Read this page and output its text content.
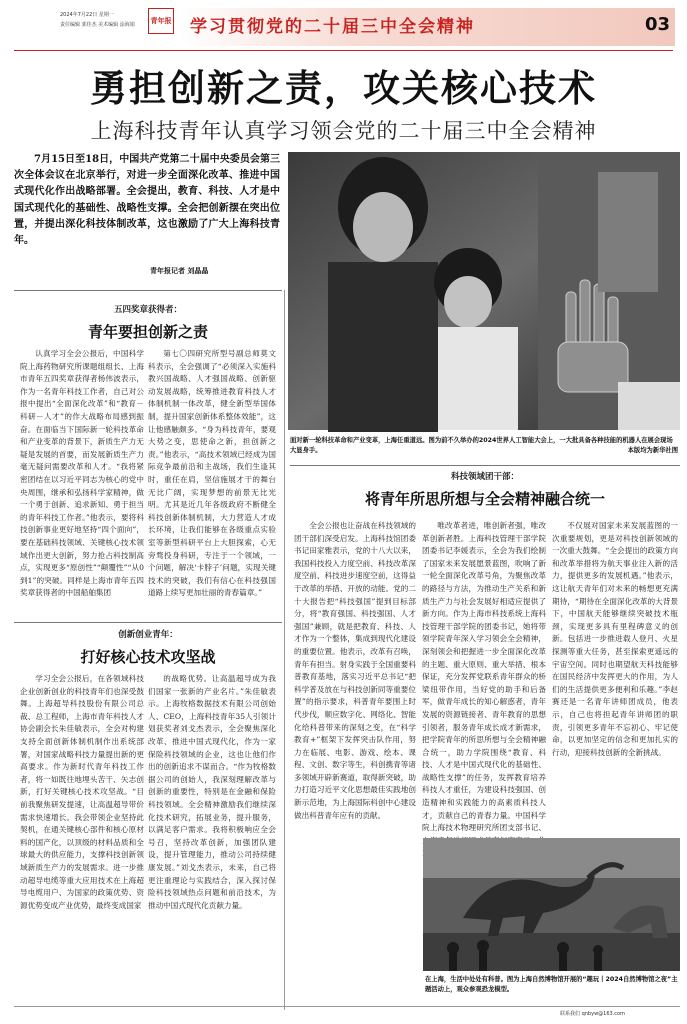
2024年7月22日 星期一
责任编辑 郭佳杰 美术编辑 涂海娟	青年报 学习贯彻党的二十届三中全会精神	03
勇担创新之责，攻关核心技术
上海科技青年认真学习领会党的二十届三中全会精神

7月15日至18日，中国共产党第二十届中央委员会第三次全体会议在北京举行，对进一步全面深化改革、推进中国式现代化作出战略部署。全会提出，教育、科技、人才是中国式现代化的基础性、战略性支撑。全会把创新摆在突出位置，并提出深化科技体制改革，这也激励了广大上海科技青年。

青年报记者 刘晶晶
面对新一轮科技革命和产业变革，上海任重道远。图为前不久举办的2024世界人工智能大会上，一大批具备各种技能的机器人在展会现场大显身手。	本版均为新华社图
五四奖章获得者：
青年要担创新之责

认真学习全会公报后，中国科学院上海药物研究所课题组组长、上海市青年五四奖章获得者杨伟波表示，作为一名青年科技工作者，自己对公报中提出“全面深化改革”和“教育－科研－人才”的作大战略布局感到振奋。在面临当下国际新一轮科技革命和产业变革的背景下，新质生产力无疑是发展的首要，而发展新质生产力毫无疑问需要改革和人才。“我将紧密团结在以习近平同志为核心的党中央周围，继承和弘扬科学家精神，做一个勇于创新、追求新知、勇于担当的青年科技工作者。”他表示，要将科技创新事业更好地坚持“四个面向”，要在基础科技领域、关键核心技术领域作出更大创新，努力抢占科技制高点，实现更多“原创性”“颠覆性”“从0到1”的突破。同样是上海市青年五四奖章获得者的中国船舶集团

第七〇四研究所型号副总师莫文科表示，全会强调了“必须深入实施科教兴国战略、人才强国战略、创新驱动发展战略，统筹推进教育科技人才体制机制一体改革，健全新型举国体制，提升国家创新体系整体效能”，这让他感触颇多。“身为科技青年，要观大势之变，思使命之新，担创新之责。”他表示，“高技术领域已经成为国际竞争最前沿和主战场，我们生逢其时，重任在肩，坚信施展才干的舞台无比广阔，实现梦想的前景无比光明。尤其是近几年各级政府不断健全科技创新体制机制，大力营造人才成长环境，让我们能够在各级重点实验室等新型科研平台上大胆探索，心无旁骛投身科研，专注于一个领域，一个问题，解决‘卡脖子’问题，实现关键技术的突破，我们有信心在科技强国道路上续写更加壮丽的青春篇章。”

创新创业青年：
打好核心技术攻坚战

学习全会公报后，在各领域科技企业创新创业的科技青年们也深受鼓舞。上海超导科技股份有限公司总裁、总工程师，上海市青年科技人才协会副会长朱佳敏表示，全会对构建支持全面创新体制机制作出系统部署，对国家战略科技力量提出新的更高要求。作为新时代青年科技工作者，将一如既往地埋头苦干、矢志创新，打好关键核心技术攻坚战。“目前我聚焦研发提速，让高温超导带价需求快速增长。我会带领企业坚持此契机，在通关键核心部件和核心原材料的国产化，以顶级的材料品质和全球最大的供应能力，支撑科技创新领域新质生产力的发展需求。进一步推动超导电缆等重大应用技术在上海超导电缆用户、为国家的政策优势、资源优势变成产业优势，最终变成国家

的战略优势。让高温超导成为我们国家一张新的产业名片。”朱佳敏表示。上海牧格数据技术有限公司创始人、CEO，上海科技青年35人引领计划获奖者刘戈杰表示，全会聚焦深化改革、推进中国式现代化，作为一家保险科技领域的企业，这也让他们作出的创新追求不谋而合。“作为牧格数据公司的创始人，我深刻理解改革与创新的重要性，特别是在金融和保险科技领域。全会精神激励我们继续深化技术研究，拓展业务，提升服务，以满足客户需求。我将积极响应全会号召，坚持改革创新，加强团队建设，提升管理能力，推动公司持续健康发展。”刘戈杰表示，未来，自己将更注重理论与实践结合，深入探讨保险科技领域热点问题和前沿技术，为推动中国式现代化贡献力量。

科技领域团干部：
将青年所思所想与全会精神融合统一

全会公报也让奋战在科技领域的团干部们深受启发。上海科技馆团委书记田家雅表示，党的十八大以来，我国科技投入力度空前、科技改革深度空前、科技进步速度空前，这得益于改革的举措、开放的动能。党的二十大报告把“科技强国”提到目标部分，将“教育强国、科技强国、人才强国”兼顾，就是把教育、科技、人才作为一个整体，集成到现代化建设的重要位置。他表示，改革有召唤，青年有担当。射身实践于全国重要科普教育基地，落实习近平总书记“把科学普及放在与科技创新同等重要位置”的指示要求，科普青年要围上时代步伐，顺应数字化、网络化、智能化给科普带来的深刻之变，在“科学教育+”框架下发挥突击队作用，努力在临展、电影、游戏、绘本、课程、文创、数字等生，科创携青等诸多领域开辟新赛道，取得新突破，助力打造习近平文化思想最佳实践地创新示范地，为上海国际科创中心建设做出科普青年应有的贡献。

唯改革者进，唯创新者强，唯改革创新者胜。上海科技管理干部学院团委书记李媛表示，全会为我们绘制了国家未来发展愿景蓝图，吹响了新一轮全面深化改革号角，为聚焦改革的路径与方法，为推动生产关系和新质生产力与社会发展好相适应提供了新方向。作为上海市科技系统上海科技管理干部学院的团委书记，她将带领学院青年深入学习领会全会精神，深刻领会和把握进一步全面深化改革的主题、重大原则、重大举措、根本保证，充分发挥党联系青年群众的桥梁纽带作用，当好党的助手和后备军，做青年成长的知心解惑者，青年发展的资源链接者、青年教育的思想引领者，服务青年成长成才新需求，把学院青年的所思所想与全会精神融合统一，助力学院围绕“教育、科技、人才是中国式现代化的基础性、战略性支撑”的任务，发挥教育培养科技人才重任，为建设科技强国、创造精神和实践能力的高素质科技人才，贡献自己的青春力量。中国科学院上海技术物理研究所团支部书记、

不仅展对国家未来发展蓝图的一次重要规划，更是对科技创新领域的一次重大鼓舞。“全会提出的政策方向和改革举措将为航天事业注入新的活力，提供更多的发展机遇。”他表示，这让航天青年们对未来的畅想更充满期待，“期待在全面深化改革的大背景下，中国航天能够继续突破技术瓶颈，实现更多具有里程碑意义的创新。包括进一步推进载人登月、火星探测等重大任务，甚至探索更遥远的宇宙空间。同时也期望航天科技能够在国民经济中发挥更大的作用，为人们的生活提供更多便利和乐趣。”李赵赛还是一名青年讲师团成员，他表示，自己也将担起青年讲师团的职责，引领更多青年不忘初心、牢记使命，以更加坚定的信念和更加扎实的行动，迎接科技创新的全新挑战。

在上海，生活中处处有科普。图为上海自然博物馆开展的“趣玩丨2024自然博物馆之夜”主题活动上，观众参观恐龙模型。
联系我们 qnbyw@163.com
